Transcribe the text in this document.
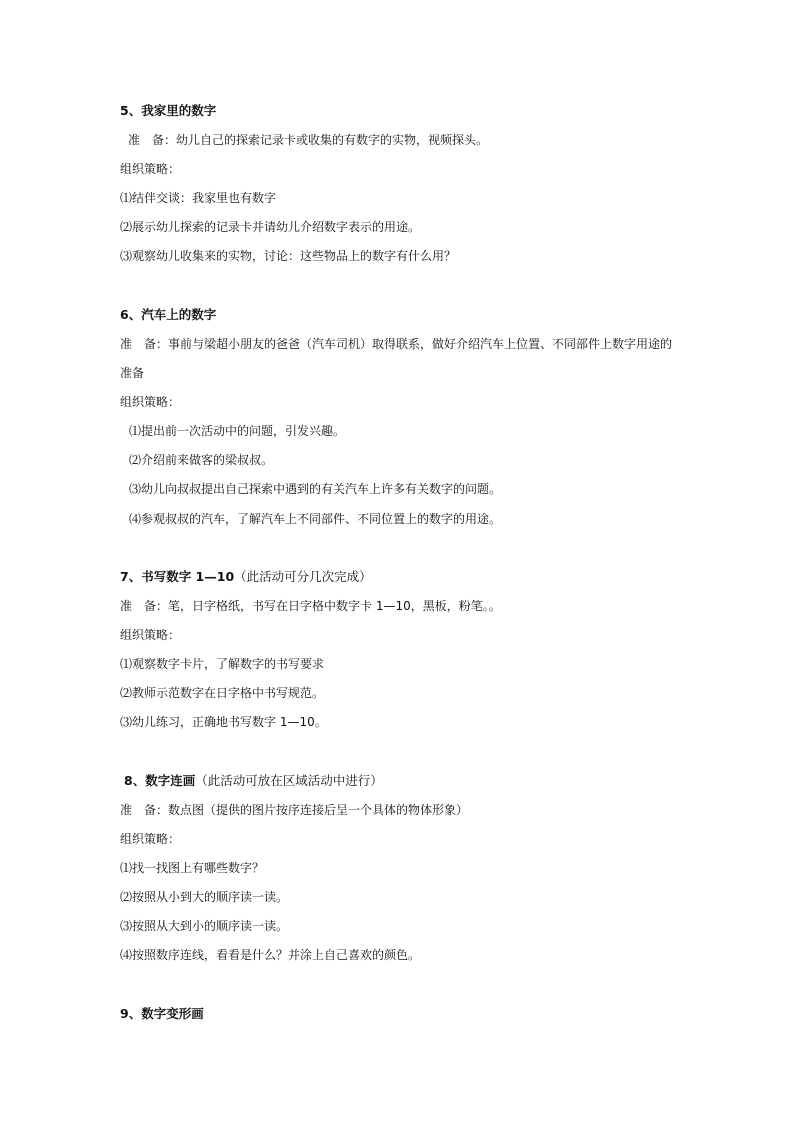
5、我家里的数字
准　备：幼儿自己的探索记录卡或收集的有数字的实物，视频探头。
组织策略：
⑴结伴交谈：我家里也有数字
⑵展示幼儿探索的记录卡并请幼儿介绍数字表示的用途。
⑶观察幼儿收集来的实物，讨论：这些物品上的数字有什么用？
6、汽车上的数字
准　备：事前与梁超小朋友的爸爸（汽车司机）取得联系，做好介绍汽车上位置、不同部件上数字用途的
准备
组织策略：
⑴提出前一次活动中的问题，引发兴趣。
⑵介绍前来做客的梁叔叔。
⑶幼儿向叔叔提出自己探索中遇到的有关汽车上许多有关数字的问题。
⑷参观叔叔的汽车，了解汽车上不同部件、不同位置上的数字的用途。
7、书写数字 1—10（此活动可分几次完成）
准　备：笔，日字格纸，书写在日字格中数字卡 1—10，黑板，粉笔。。
组织策略：
⑴观察数字卡片，了解数字的书写要求
⑵教师示范数字在日字格中书写规范。
⑶幼儿练习，正确地书写数字 1—10。
8、数字连画（此活动可放在区域活动中进行）
准　备：数点图（提供的图片按序连接后呈一个具体的物体形象）
组织策略：
⑴找一找图上有哪些数字？
⑵按照从小到大的顺序读一读。
⑶按照从大到小的顺序读一读。
⑷按照数序连线，看看是什么？并涂上自己喜欢的颜色。
9、数字变形画
